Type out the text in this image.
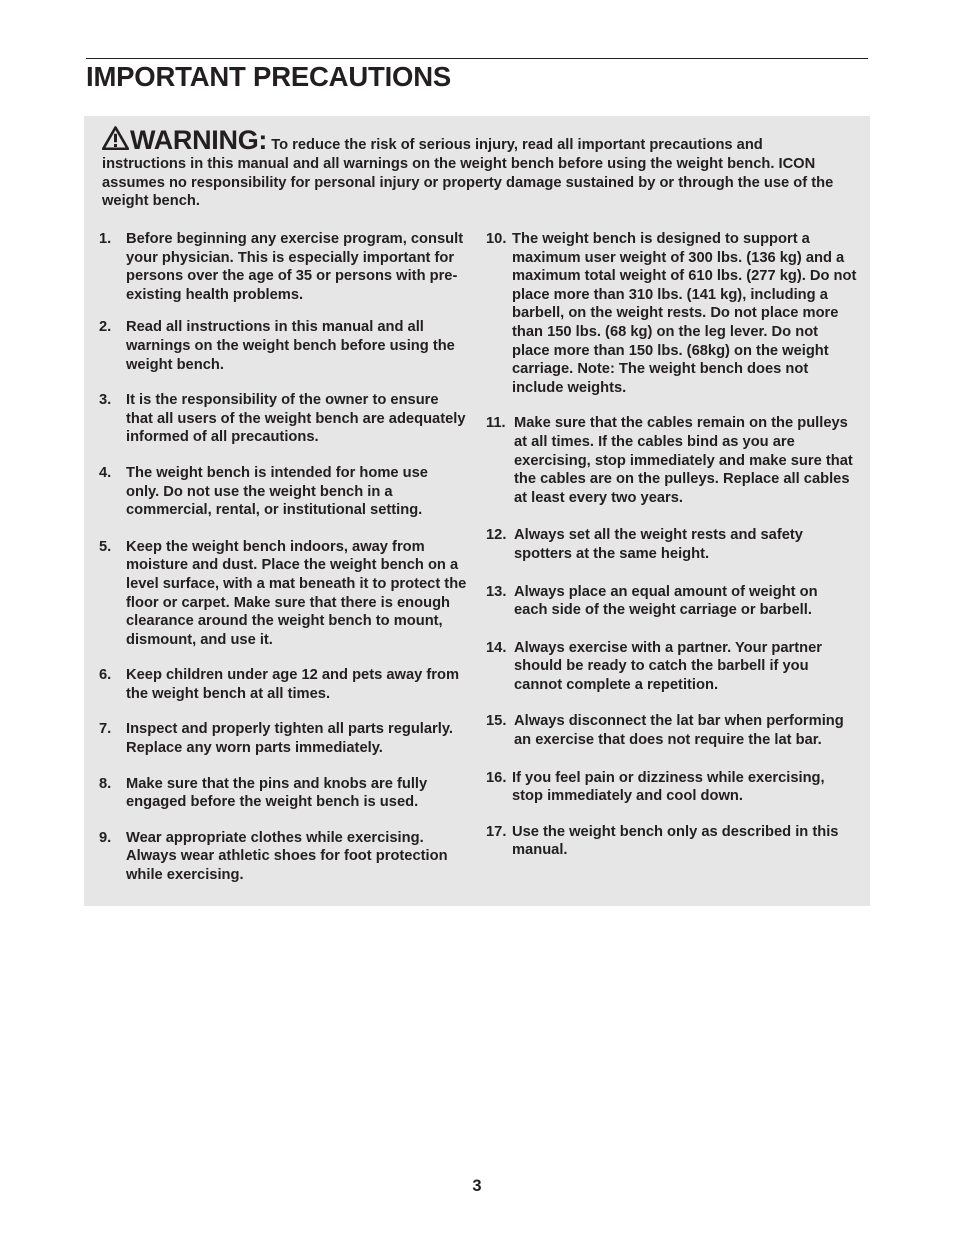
IMPORTANT PRECAUTIONS
WARNING: To reduce the risk of serious injury, read all important precautions and instructions in this manual and all warnings on the weight bench before using the weight bench. ICON assumes no responsibility for personal injury or property damage sustained by or through the use of the weight bench.
1. Before beginning any exercise program, consult your physician. This is especially important for persons over the age of 35 or persons with pre-existing health problems.
2. Read all instructions in this manual and all warnings on the weight bench before using the weight bench.
3. It is the responsibility of the owner to ensure that all users of the weight bench are adequately informed of all precautions.
4. The weight bench is intended for home use only. Do not use the weight bench in a commercial, rental, or institutional setting.
5. Keep the weight bench indoors, away from moisture and dust. Place the weight bench on a level surface, with a mat beneath it to protect the floor or carpet. Make sure that there is enough clearance around the weight bench to mount, dismount, and use it.
6. Keep children under age 12 and pets away from the weight bench at all times.
7. Inspect and properly tighten all parts regularly. Replace any worn parts immediately.
8. Make sure that the pins and knobs are fully engaged before the weight bench is used.
9. Wear appropriate clothes while exercising. Always wear athletic shoes for foot protection while exercising.
10. The weight bench is designed to support a maximum user weight of 300 lbs. (136 kg) and a maximum total weight of 610 lbs. (277 kg). Do not place more than 310 lbs. (141 kg), including a barbell, on the weight rests. Do not place more than 150 lbs. (68 kg) on the leg lever. Do not place more than 150 lbs. (68kg) on the weight carriage. Note: The weight bench does not include weights.
11. Make sure that the cables remain on the pulleys at all times. If the cables bind as you are exercising, stop immediately and make sure that the cables are on the pulleys. Replace all cables at least every two years.
12. Always set all the weight rests and safety spotters at the same height.
13. Always place an equal amount of weight on each side of the weight carriage or barbell.
14. Always exercise with a partner. Your partner should be ready to catch the barbell if you cannot complete a repetition.
15. Always disconnect the lat bar when performing an exercise that does not require the lat bar.
16. If you feel pain or dizziness while exercising, stop immediately and cool down.
17. Use the weight bench only as described in this manual.
3
